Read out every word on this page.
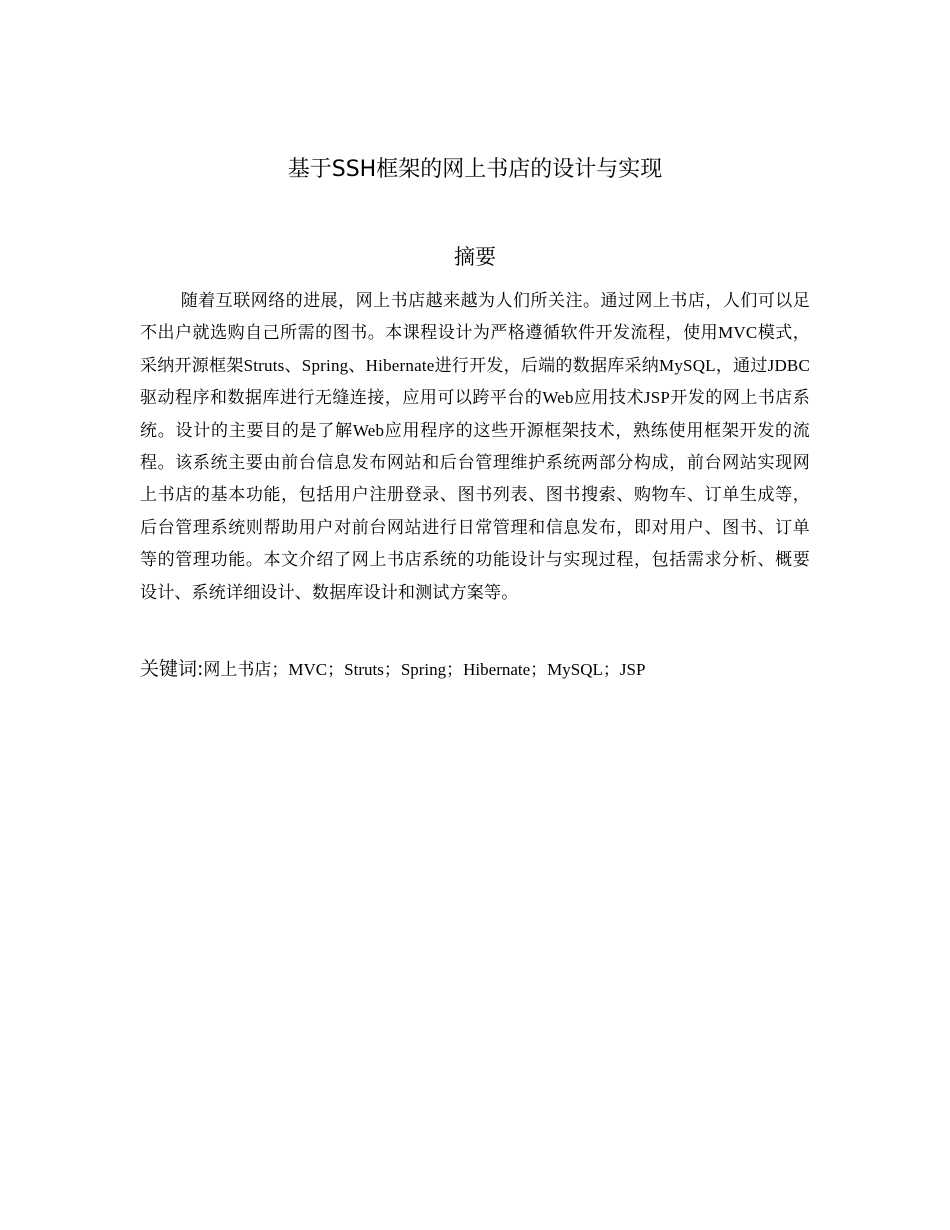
基于SSH框架的网上书店的设计与实现
摘要

随着互联网络的进展，网上书店越来越为人们所关注。通过网上书店，人们可以足不出户就选购自己所需的图书。本课程设计为严格遵循软件开发流程，使用MVC模式，采纳开源框架Struts、Spring、Hibernate进行开发，后端的数据库采纳MySQL，通过JDBC驱动程序和数据库进行无缝连接，应用可以跨平台的Web应用技术JSP开发的网上书店系统。设计的主要目的是了解Web应用程序的这些开源框架技术，熟练使用框架开发的流程。该系统主要由前台信息发布网站和后台管理维护系统两部分构成，前台网站实现网上书店的基本功能，包括用户注册登录、图书列表、图书搜索、购物车、订单生成等，后台管理系统则帮助用户对前台网站进行日常管理和信息发布，即对用户、图书、订单等的管理功能。本文介绍了网上书店系统的功能设计与实现过程，包括需求分析、概要设计、系统详细设计、数据库设计和测试方案等。

关键词:网上书店；MVC；Struts；Spring；Hibernate；MySQL；JSP
